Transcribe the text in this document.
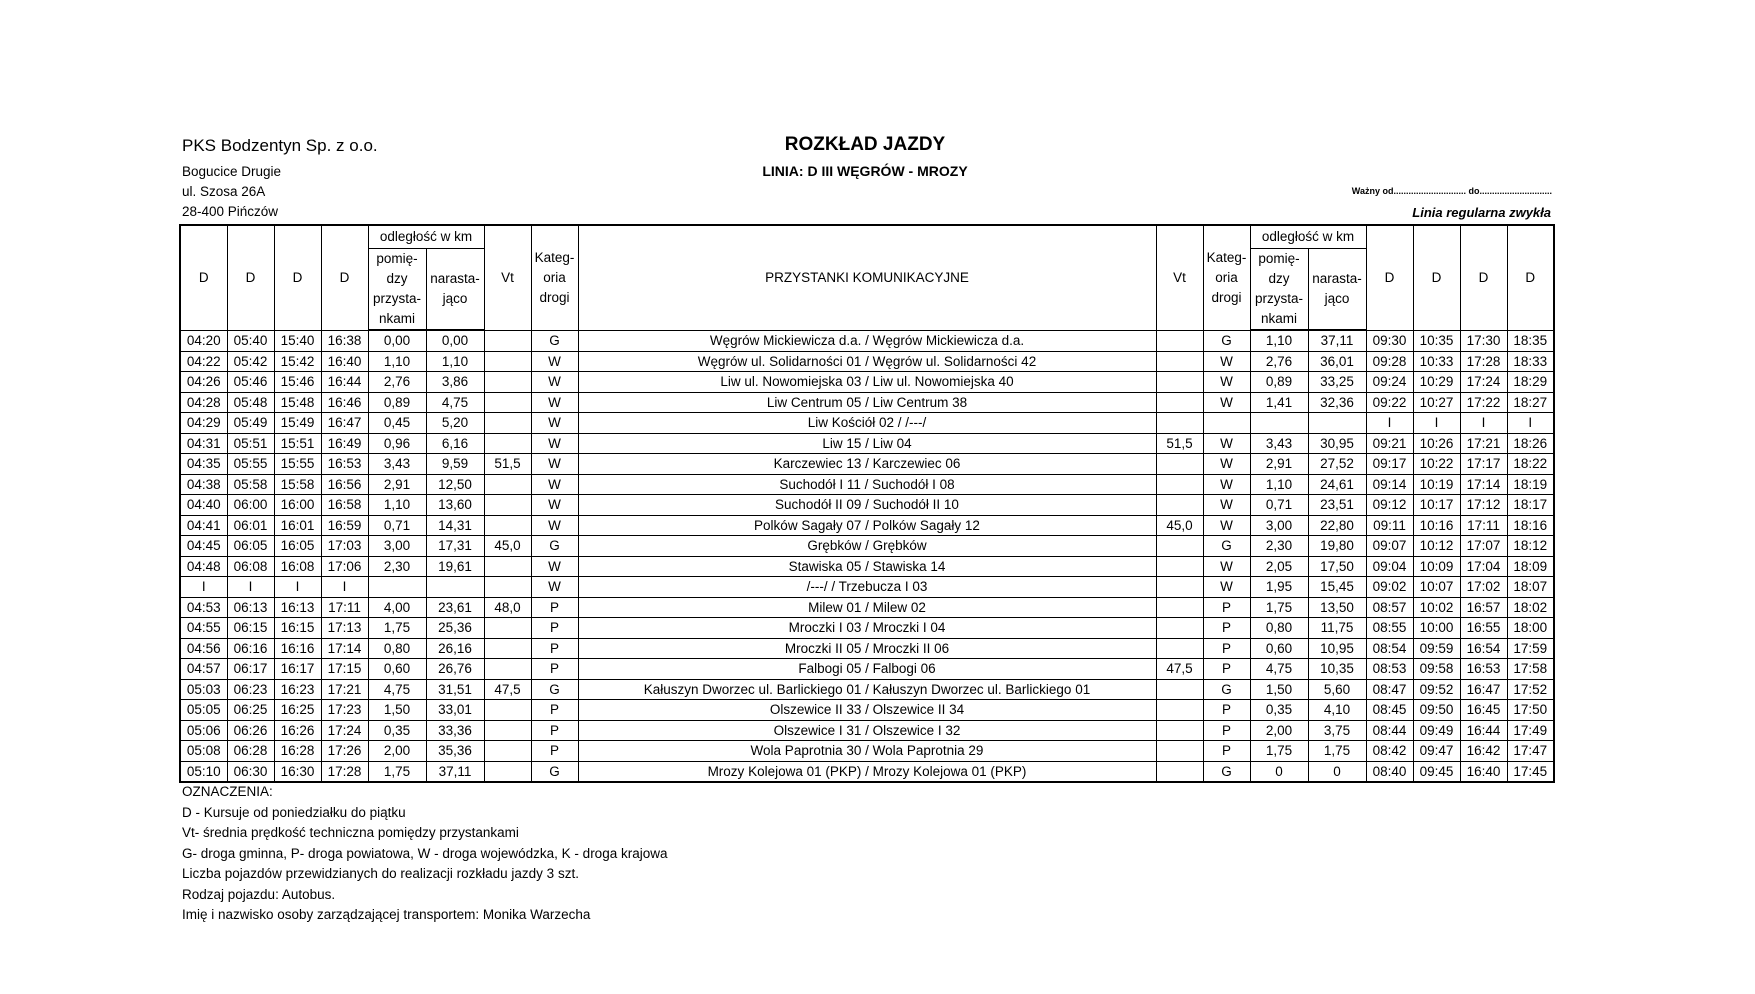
PKS Bodzentyn Sp. z o.o.
Bogucice Drugie
ul. Szosa 26A
28-400 Pińczów
ROZKŁAD JAZDY
LINIA: D III WĘGRÓW - MROZY
Ważny od............................. do.............................
Linia regularna zwykła
D	D	D	D	odległość w km		Vt	Kateg-oria drogi	PRZYSTANKI KOMUNIKACYJNE	Vt	Kateg-oria drogi	odległość w km		D	D	D	D
				pomię-dzy przysta-nkami	narasta-jąco						pomię-dzy przysta-nkami	narasta-jąco				
04:20	05:40	15:40	16:38	0,00	0,00		G	Węgrów Mickiewicza d.a. / Węgrów Mickiewicza d.a.		G	1,10	37,11	09:30	10:35	17:30	18:35
04:22	05:42	15:42	16:40	1,10	1,10		W	Węgrów ul. Solidarności 01 / Węgrów ul. Solidarności 42		W	2,76	36,01	09:28	10:33	17:28	18:33
04:26	05:46	15:46	16:44	2,76	3,86		W	Liw ul. Nowomiejska 03 / Liw ul. Nowomiejska 40		W	0,89	33,25	09:24	10:29	17:24	18:29
04:28	05:48	15:48	16:46	0,89	4,75		W	Liw Centrum 05 / Liw Centrum 38		W	1,41	32,36	09:22	10:27	17:22	18:27
04:29	05:49	15:49	16:47	0,45	5,20		W	Liw Kościół 02 / /---/					I	I	I	I
04:31	05:51	15:51	16:49	0,96	6,16		W	Liw 15 / Liw 04	51,5	W	3,43	30,95	09:21	10:26	17:21	18:26
04:35	05:55	15:55	16:53	3,43	9,59	51,5	W	Karczewiec 13 / Karczewiec 06		W	2,91	27,52	09:17	10:22	17:17	18:22
04:38	05:58	15:58	16:56	2,91	12,50		W	Suchodół I 11 / Suchodół I 08		W	1,10	24,61	09:14	10:19	17:14	18:19
04:40	06:00	16:00	16:58	1,10	13,60		W	Suchodół II 09 / Suchodół II 10		W	0,71	23,51	09:12	10:17	17:12	18:17
04:41	06:01	16:01	16:59	0,71	14,31		W	Polków Sagały 07 / Polków Sagały 12	45,0	W	3,00	22,80	09:11	10:16	17:11	18:16
04:45	06:05	16:05	17:03	3,00	17,31	45,0	G	Grębków / Grębków		G	2,30	19,80	09:07	10:12	17:07	18:12
04:48	06:08	16:08	17:06	2,30	19,61		W	Stawiska 05 / Stawiska 14		W	2,05	17,50	09:04	10:09	17:04	18:09
I	I	I	I				W	/---/ / Trzebucza I 03		W	1,95	15,45	09:02	10:07	17:02	18:07
04:53	06:13	16:13	17:11	4,00	23,61	48,0	P	Milew 01 / Milew 02		P	1,75	13,50	08:57	10:02	16:57	18:02
04:55	06:15	16:15	17:13	1,75	25,36		P	Mroczki I 03 / Mroczki I 04		P	0,80	11,75	08:55	10:00	16:55	18:00
04:56	06:16	16:16	17:14	0,80	26,16		P	Mroczki II 05 / Mroczki II 06		P	0,60	10,95	08:54	09:59	16:54	17:59
04:57	06:17	16:17	17:15	0,60	26,76		P	Falbogi 05 / Falbogi 06	47,5	P	4,75	10,35	08:53	09:58	16:53	17:58
05:03	06:23	16:23	17:21	4,75	31,51	47,5	G	Kałuszyn Dworzec ul. Barlickiego 01 / Kałuszyn Dworzec ul. Barlickiego 01		G	1,50	5,60	08:47	09:52	16:47	17:52
05:05	06:25	16:25	17:23	1,50	33,01		P	Olszewice II 33 / Olszewice II 34		P	0,35	4,10	08:45	09:50	16:45	17:50
05:06	06:26	16:26	17:24	0,35	33,36		P	Olszewice I 31 / Olszewice I 32		P	2,00	3,75	08:44	09:49	16:44	17:49
05:08	06:28	16:28	17:26	2,00	35,36		P	Wola Paprotnia 30 / Wola Paprotnia 29		P	1,75	1,75	08:42	09:47	16:42	17:47
05:10	06:30	16:30	17:28	1,75	37,11		G	Mrozy Kolejowa 01 (PKP) / Mrozy Kolejowa 01 (PKP)		G	0	0	08:40	09:45	16:40	17:45
OZNACZENIA:
D - Kursuje od poniedziałku do piątku
Vt- średnia prędkość techniczna pomiędzy przystankami
G- droga gminna, P- droga powiatowa, W - droga wojewódzka, K - droga krajowa
Liczba pojazdów przewidzianych do realizacji rozkładu jazdy 3 szt.
Rodzaj pojazdu: Autobus.
Imię i nazwisko osoby zarządzającej transportem: Monika Warzecha
